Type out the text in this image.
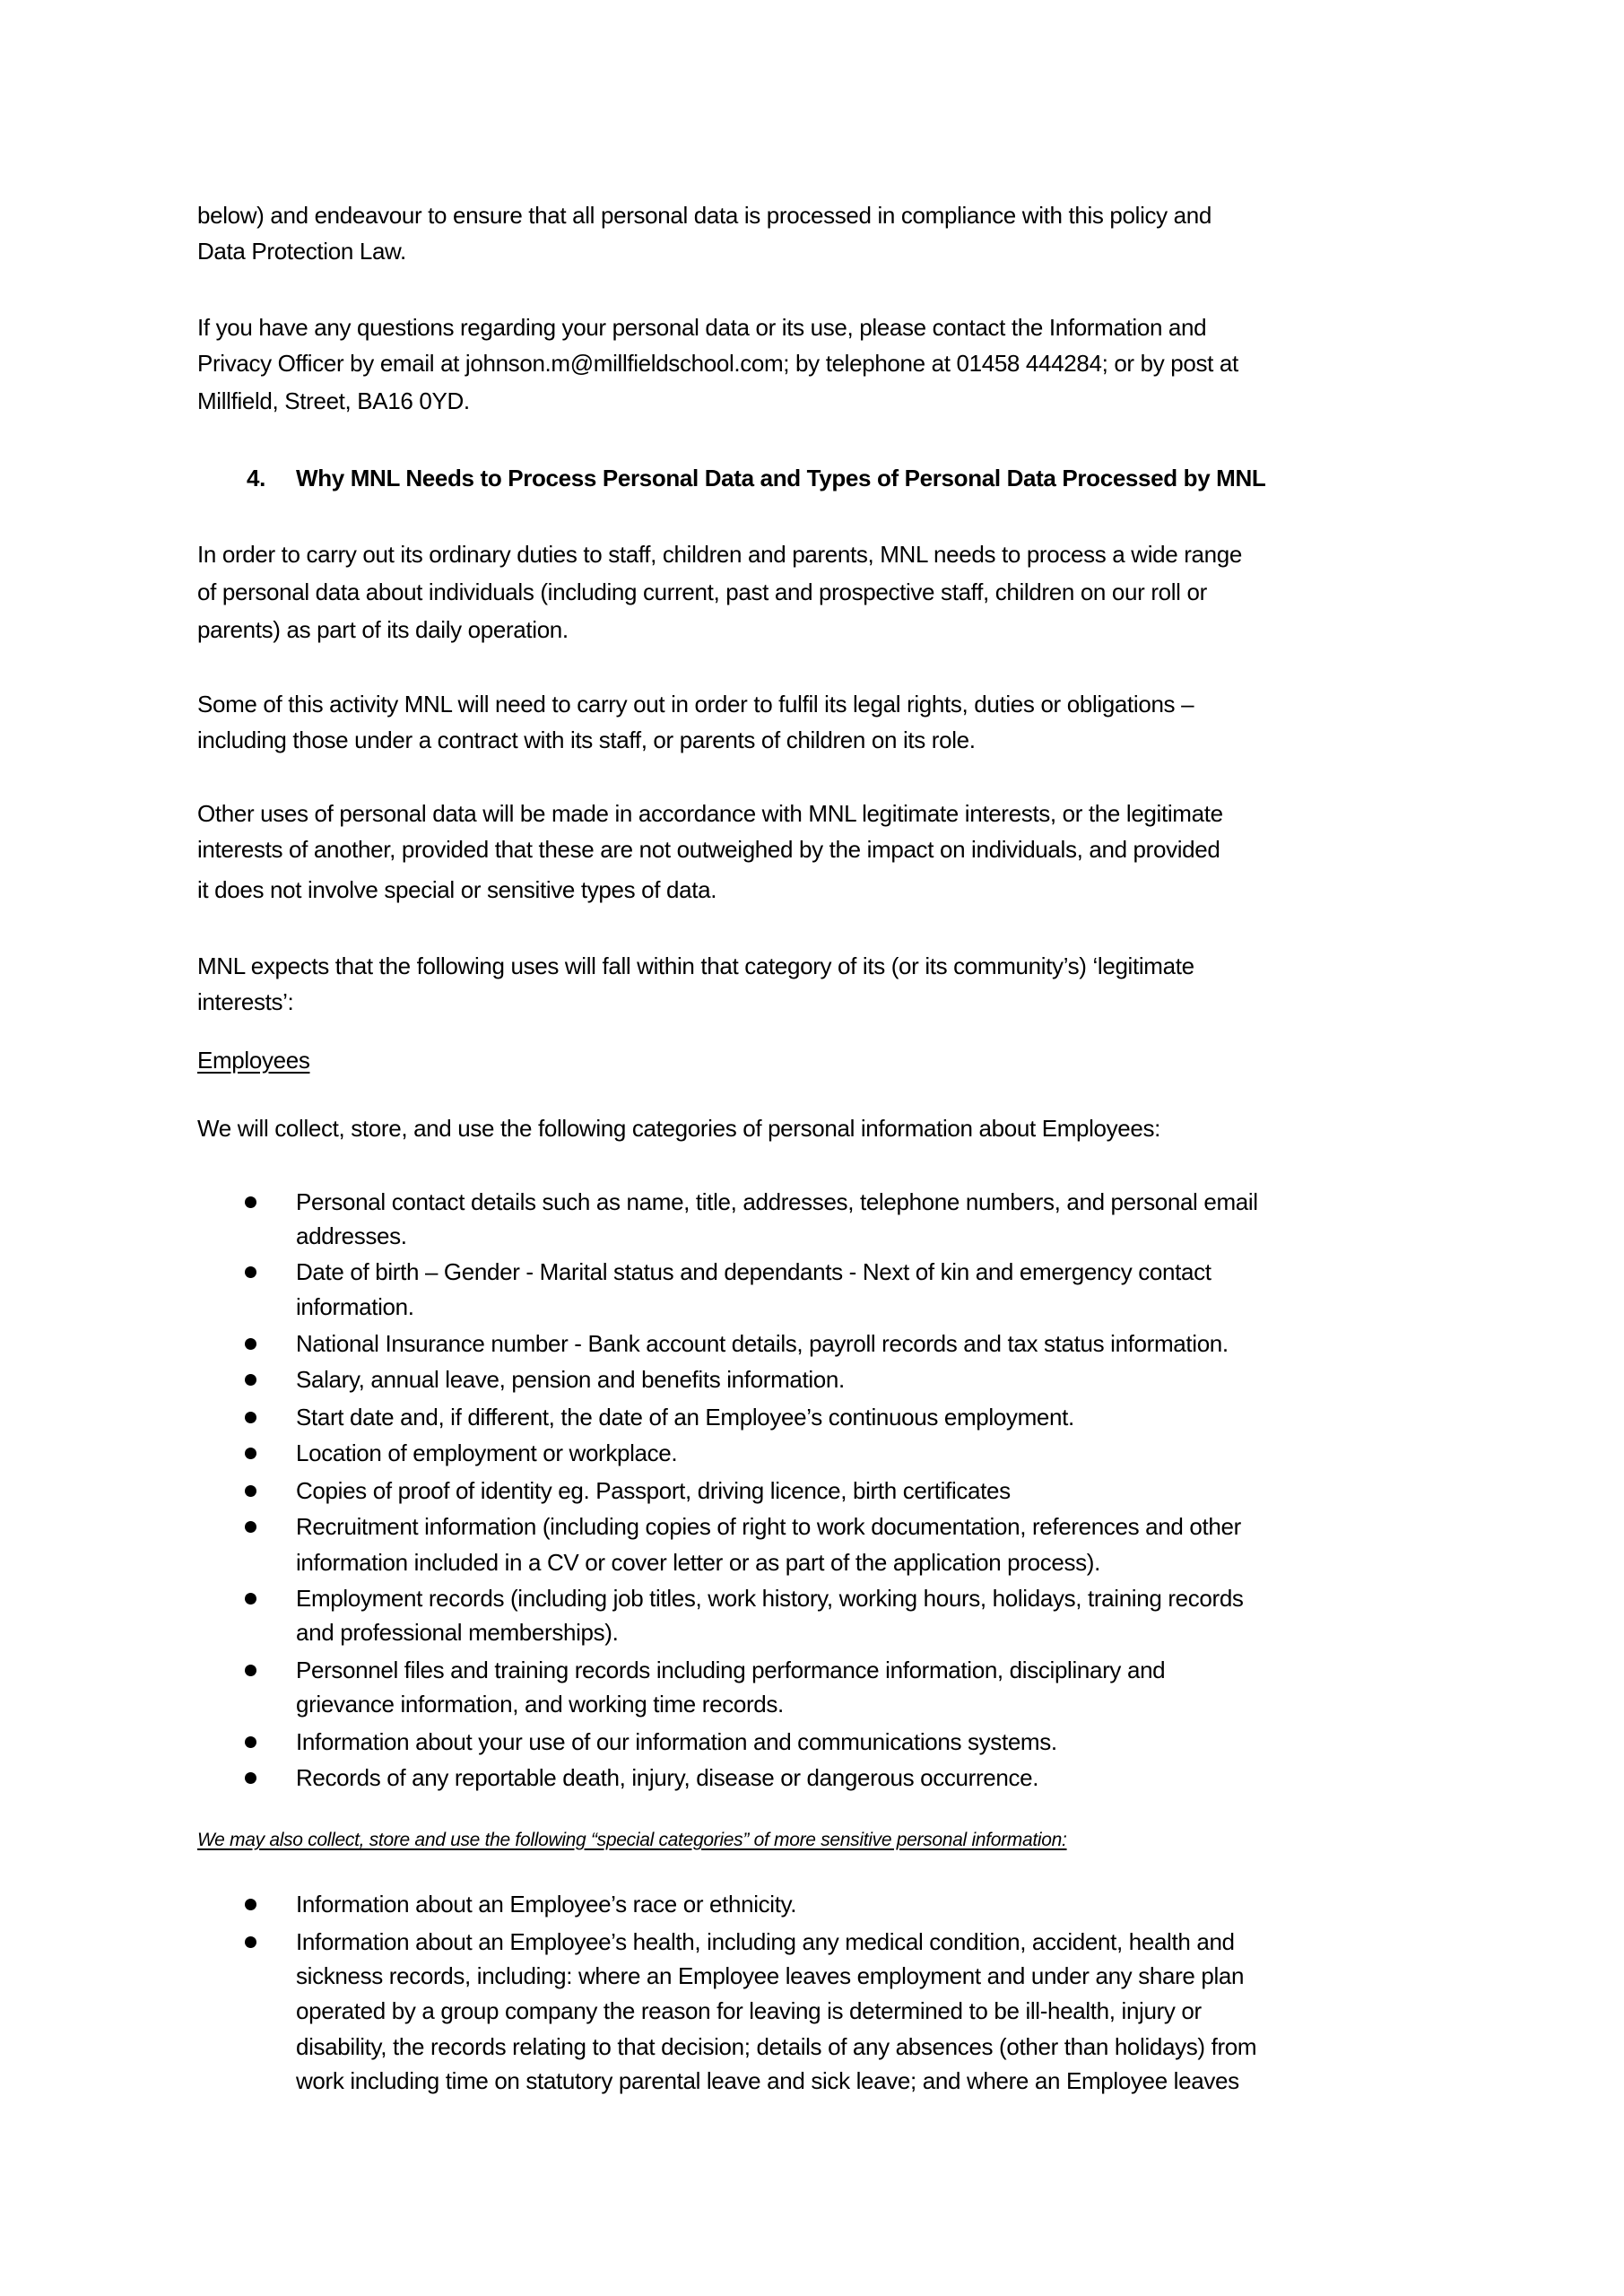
below) and endeavour to ensure that all personal data is processed in compliance with this policy and
Data Protection Law.
If you have any questions regarding your personal data or its use, please contact the Information and
Privacy Officer by email at johnson.m@millfieldschool.com; by telephone at 01458 444284; or by post at
Millfield, Street, BA16 0YD.
4. Why MNL Needs to Process Personal Data and Types of Personal Data Processed by MNL
In order to carry out its ordinary duties to staff, children and parents, MNL needs to process a wide range
of personal data about individuals (including current, past and prospective staff, children on our roll or
parents) as part of its daily operation.
Some of this activity MNL will need to carry out in order to fulfil its legal rights, duties or obligations –
including those under a contract with its staff, or parents of children on its role.
Other uses of personal data will be made in accordance with MNL legitimate interests, or the legitimate
interests of another, provided that these are not outweighed by the impact on individuals, and provided
it does not involve special or sensitive types of data.
MNL expects that the following uses will fall within that category of its (or its community’s) ‘legitimate
interests’:
Employees
We will collect, store, and use the following categories of personal information about Employees:
Personal contact details such as name, title, addresses, telephone numbers, and personal email
addresses.
Date of birth – Gender - Marital status and dependants - Next of kin and emergency contact
information.
National Insurance number - Bank account details, payroll records and tax status information.
Salary, annual leave, pension and benefits information.
Start date and, if different, the date of an Employee’s continuous employment.
Location of employment or workplace.
Copies of proof of identity eg. Passport, driving licence, birth certificates
Recruitment information (including copies of right to work documentation, references and other
information included in a CV or cover letter or as part of the application process).
Employment records (including job titles, work history, working hours, holidays, training records
and professional memberships).
Personnel files and training records including performance information, disciplinary and
grievance information, and working time records.
Information about your use of our information and communications systems.
Records of any reportable death, injury, disease or dangerous occurrence.
We may also collect, store and use the following “special categories” of more sensitive personal information:
Information about an Employee’s race or ethnicity.
Information about an Employee’s health, including any medical condition, accident, health and
sickness records, including: where an Employee leaves employment and under any share plan
operated by a group company the reason for leaving is determined to be ill-health, injury or
disability, the records relating to that decision; details of any absences (other than holidays) from
work including time on statutory parental leave and sick leave; and where an Employee leaves
